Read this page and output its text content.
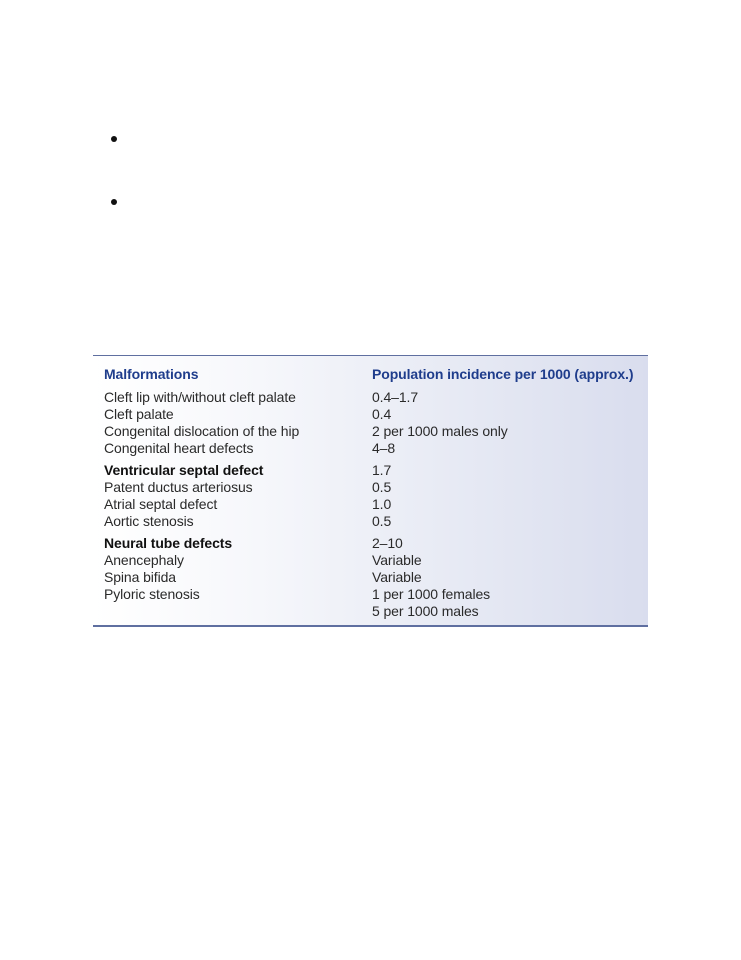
Malformations	Population incidence per 1000 (approx.)
Cleft lip with/without cleft palate	0.4–1.7
Cleft palate	0.4
Congenital dislocation of the hip	2 per 1000 males only
Congenital heart defects	4–8
Ventricular septal defect	1.7
Patent ductus arteriosus	0.5
Atrial septal defect	1.0
Aortic stenosis	0.5
Neural tube defects	2–10
Anencephaly	Variable
Spina bifida	Variable
Pyloric stenosis	1 per 1000 females
	5 per 1000 males
